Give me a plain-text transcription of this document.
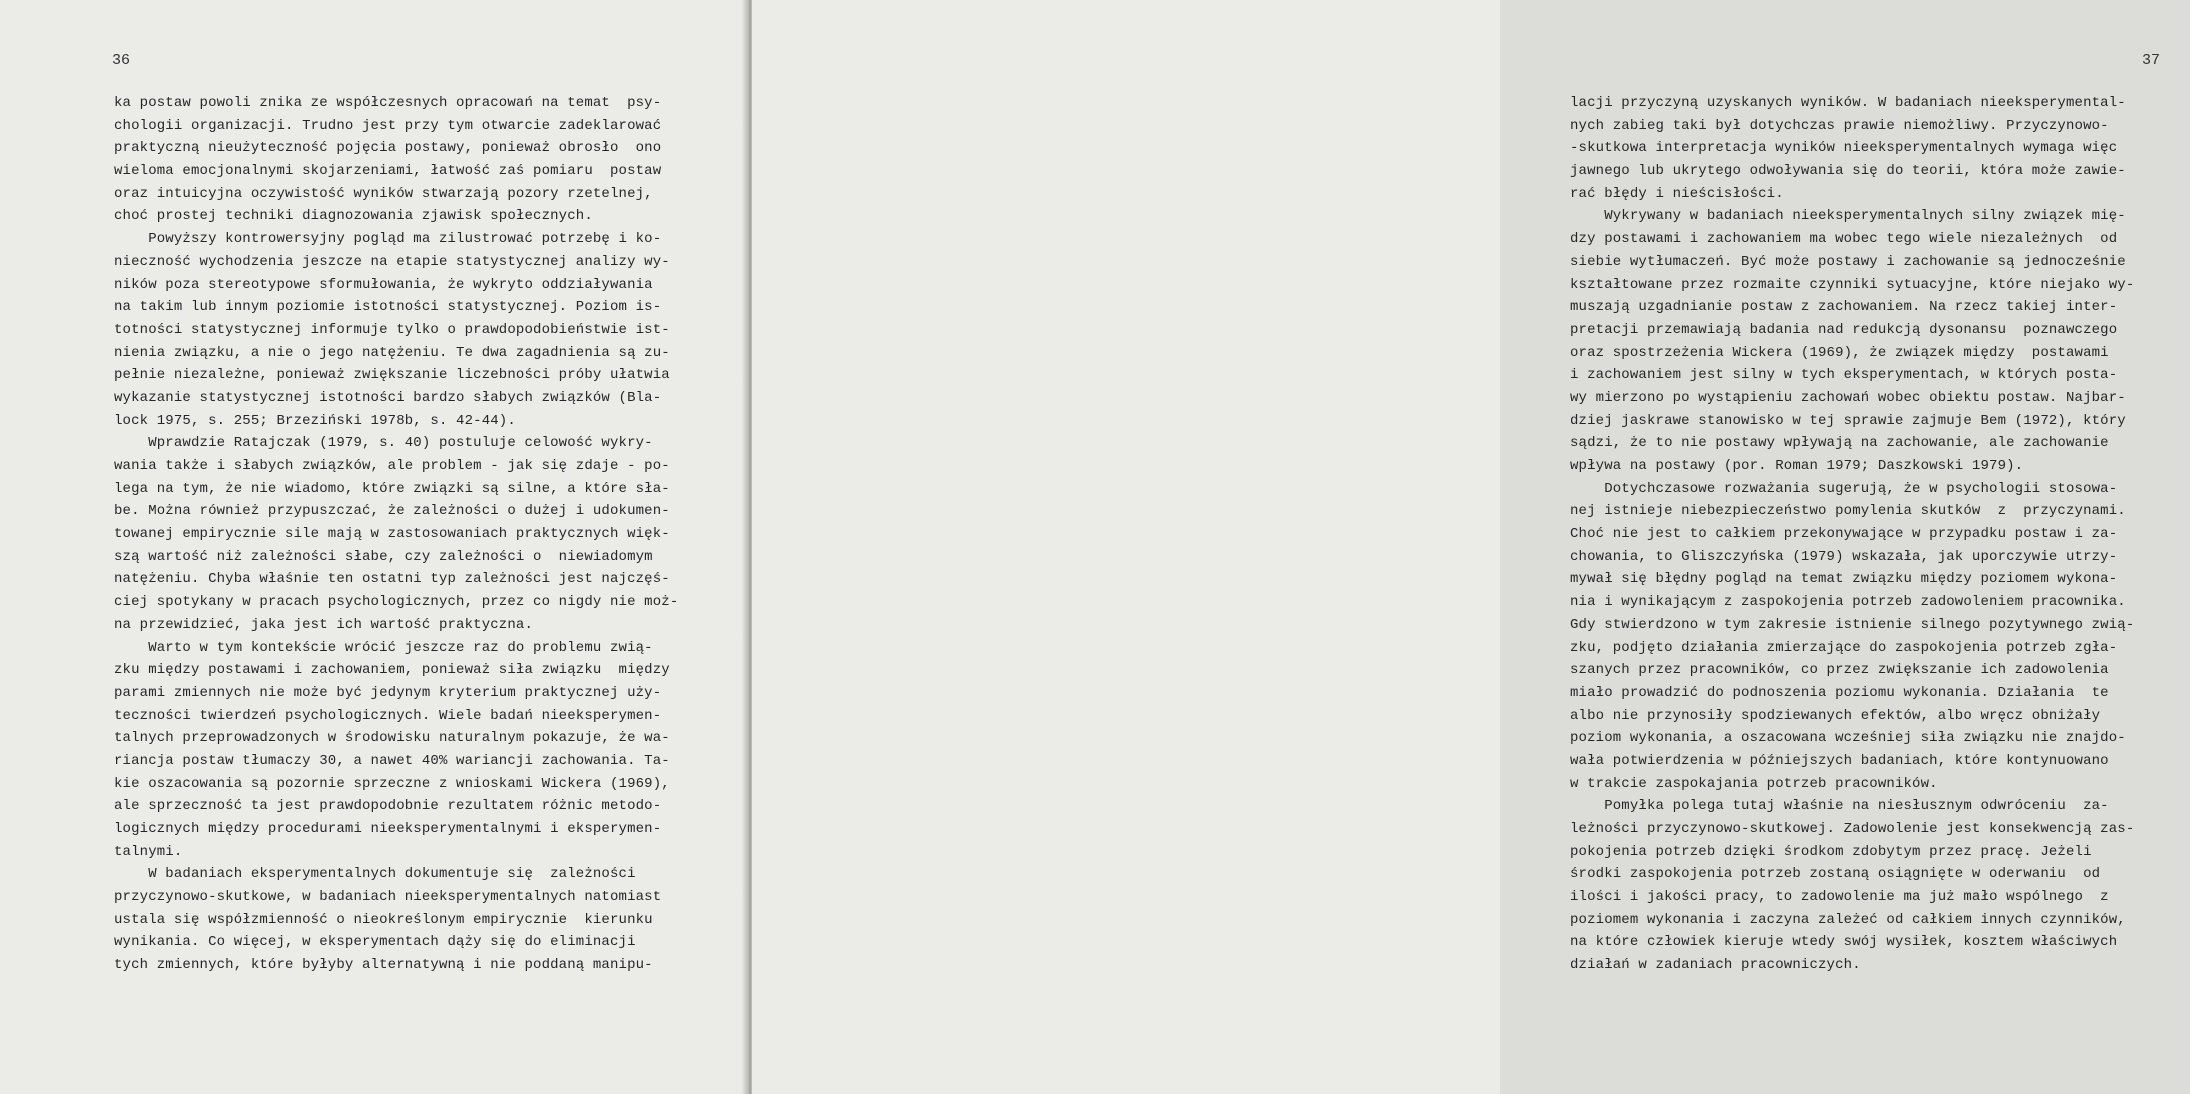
36
ka postaw powoli znika ze współczesnych opracowań na temat  psy-
chologii organizacji. Trudno jest przy tym otwarcie zadeklarować
praktyczną nieużyteczność pojęcia postawy, ponieważ obrosło  ono
wieloma emocjonalnymi skojarzeniami, łatwość zaś pomiaru  postaw
oraz intuicyjna oczywistość wyników stwarzają pozory rzetelnej,
choć prostej techniki diagnozowania zjawisk społecznych.
Powyższy kontrowersyjny pogląd ma zilustrować potrzebę i ko-
nieczność wychodzenia jeszcze na etapie statystycznej analizy wy-
ników poza stereotypowe sformułowania, że wykryto oddziaływania
na takim lub innym poziomie istotności statystycznej. Poziom is-
totności statystycznej informuje tylko o prawdopodobieństwie ist-
nienia związku, a nie o jego natężeniu. Te dwa zagadnienia są zu-
pełnie niezależne, ponieważ zwiększanie liczebności próby ułatwia
wykazanie statystycznej istotności bardzo słabych związków (Bla-
lock 1975, s. 255; Brzeziński 1978b, s. 42-44).
Wprawdzie Ratajczak (1979, s. 40) postuluje celowość wykry-
wania także i słabych związków, ale problem - jak się zdaje - po-
lega na tym, że nie wiadomo, które związki są silne, a które sła-
be. Można również przypuszczać, że zależności o dużej i udokumen-
towanej empirycznie sile mają w zastosowaniach praktycznych więk-
szą wartość niż zależności słabe, czy zależności o  niewiadomym
natężeniu. Chyba właśnie ten ostatni typ zależności jest najczęś-
ciej spotykany w pracach psychologicznych, przez co nigdy nie moż-
na przewidzieć, jaka jest ich wartość praktyczna.
Warto w tym kontekście wrócić jeszcze raz do problemu zwią-
zku między postawami i zachowaniem, ponieważ siła związku  między
parami zmiennych nie może być jedynym kryterium praktycznej uży-
teczności twierdzeń psychologicznych. Wiele badań nieeksperymen-
talnych przeprowadzonych w środowisku naturalnym pokazuje, że wa-
riancja postaw tłumaczy 30, a nawet 40% wariancji zachowania. Ta-
kie oszacowania są pozornie sprzeczne z wnioskami Wickera (1969),
ale sprzeczność ta jest prawdopodobnie rezultatem różnic metodo-
logicznych między procedurami nieeksperymentalnymi i eksperymen-
talnymi.
W badaniach eksperymentalnych dokumentuje się  zależności
przyczynowo-skutkowe, w badaniach nieeksperymentalnych natomiast
ustala się współzmienność o nieokreślonym empirycznie  kierunku
wynikania. Co więcej, w eksperymentach dąży się do eliminacji
tych zmiennych, które byłyby alternatywną i nie poddaną manipu-
37
lacji przyczyną uzyskanych wyników. W badaniach nieeksperymental-
nych zabieg taki był dotychczas prawie niemożliwy. Przyczynowo-
-skutkowa interpretacja wyników nieeksperymentalnych wymaga więc
jawnego lub ukrytego odwoływania się do teorii, która może zawie-
rać błędy i nieścisłości.
Wykrywany w badaniach nieeksperymentalnych silny związek mię-
dzy postawami i zachowaniem ma wobec tego wiele niezależnych  od
siebie wytłumaczeń. Być może postawy i zachowanie są jednocześnie
kształtowane przez rozmaite czynniki sytuacyjne, które niejako wy-
muszają uzgadnianie postaw z zachowaniem. Na rzecz takiej inter-
pretacji przemawiają badania nad redukcją dysonansu  poznawczego
oraz spostrzeżenia Wickera (1969), że związek między  postawami
i zachowaniem jest silny w tych eksperymentach, w których posta-
wy mierzono po wystąpieniu zachowań wobec obiektu postaw. Najbar-
dziej jaskrawe stanowisko w tej sprawie zajmuje Bem (1972), który
sądzi, że to nie postawy wpływają na zachowanie, ale zachowanie
wpływa na postawy (por. Roman 1979; Daszkowski 1979).
Dotychczasowe rozważania sugerują, że w psychologii stosowa-
nej istnieje niebezpieczeństwo pomylenia skutków  z  przyczynami.
Choć nie jest to całkiem przekonywające w przypadku postaw i za-
chowania, to Gliszczyńska (1979) wskazała, jak uporczywie utrzy-
mywał się błędny pogląd na temat związku między poziomem wykona-
nia i wynikającym z zaspokojenia potrzeb zadowoleniem pracownika.
Gdy stwierdzono w tym zakresie istnienie silnego pozytywnego zwią-
zku, podjęto działania zmierzające do zaspokojenia potrzeb zgła-
szanych przez pracowników, co przez zwiększanie ich zadowolenia
miało prowadzić do podnoszenia poziomu wykonania. Działania  te
albo nie przynosiły spodziewanych efektów, albo wręcz obniżały
poziom wykonania, a oszacowana wcześniej siła związku nie znajdo-
wała potwierdzenia w późniejszych badaniach, które kontynuowano
w trakcie zaspokajania potrzeb pracowników.
Pomyłka polega tutaj właśnie na niesłusznym odwróceniu  za-
leżności przyczynowo-skutkowej. Zadowolenie jest konsekwencją zas-
pokojenia potrzeb dzięki środkom zdobytym przez pracę. Jeżeli
środki zaspokojenia potrzeb zostaną osiągnięte w oderwaniu  od
ilości i jakości pracy, to zadowolenie ma już mało wspólnego  z
poziomem wykonania i zaczyna zależeć od całkiem innych czynników,
na które człowiek kieruje wtedy swój wysiłek, kosztem właściwych
działań w zadaniach pracowniczych.
